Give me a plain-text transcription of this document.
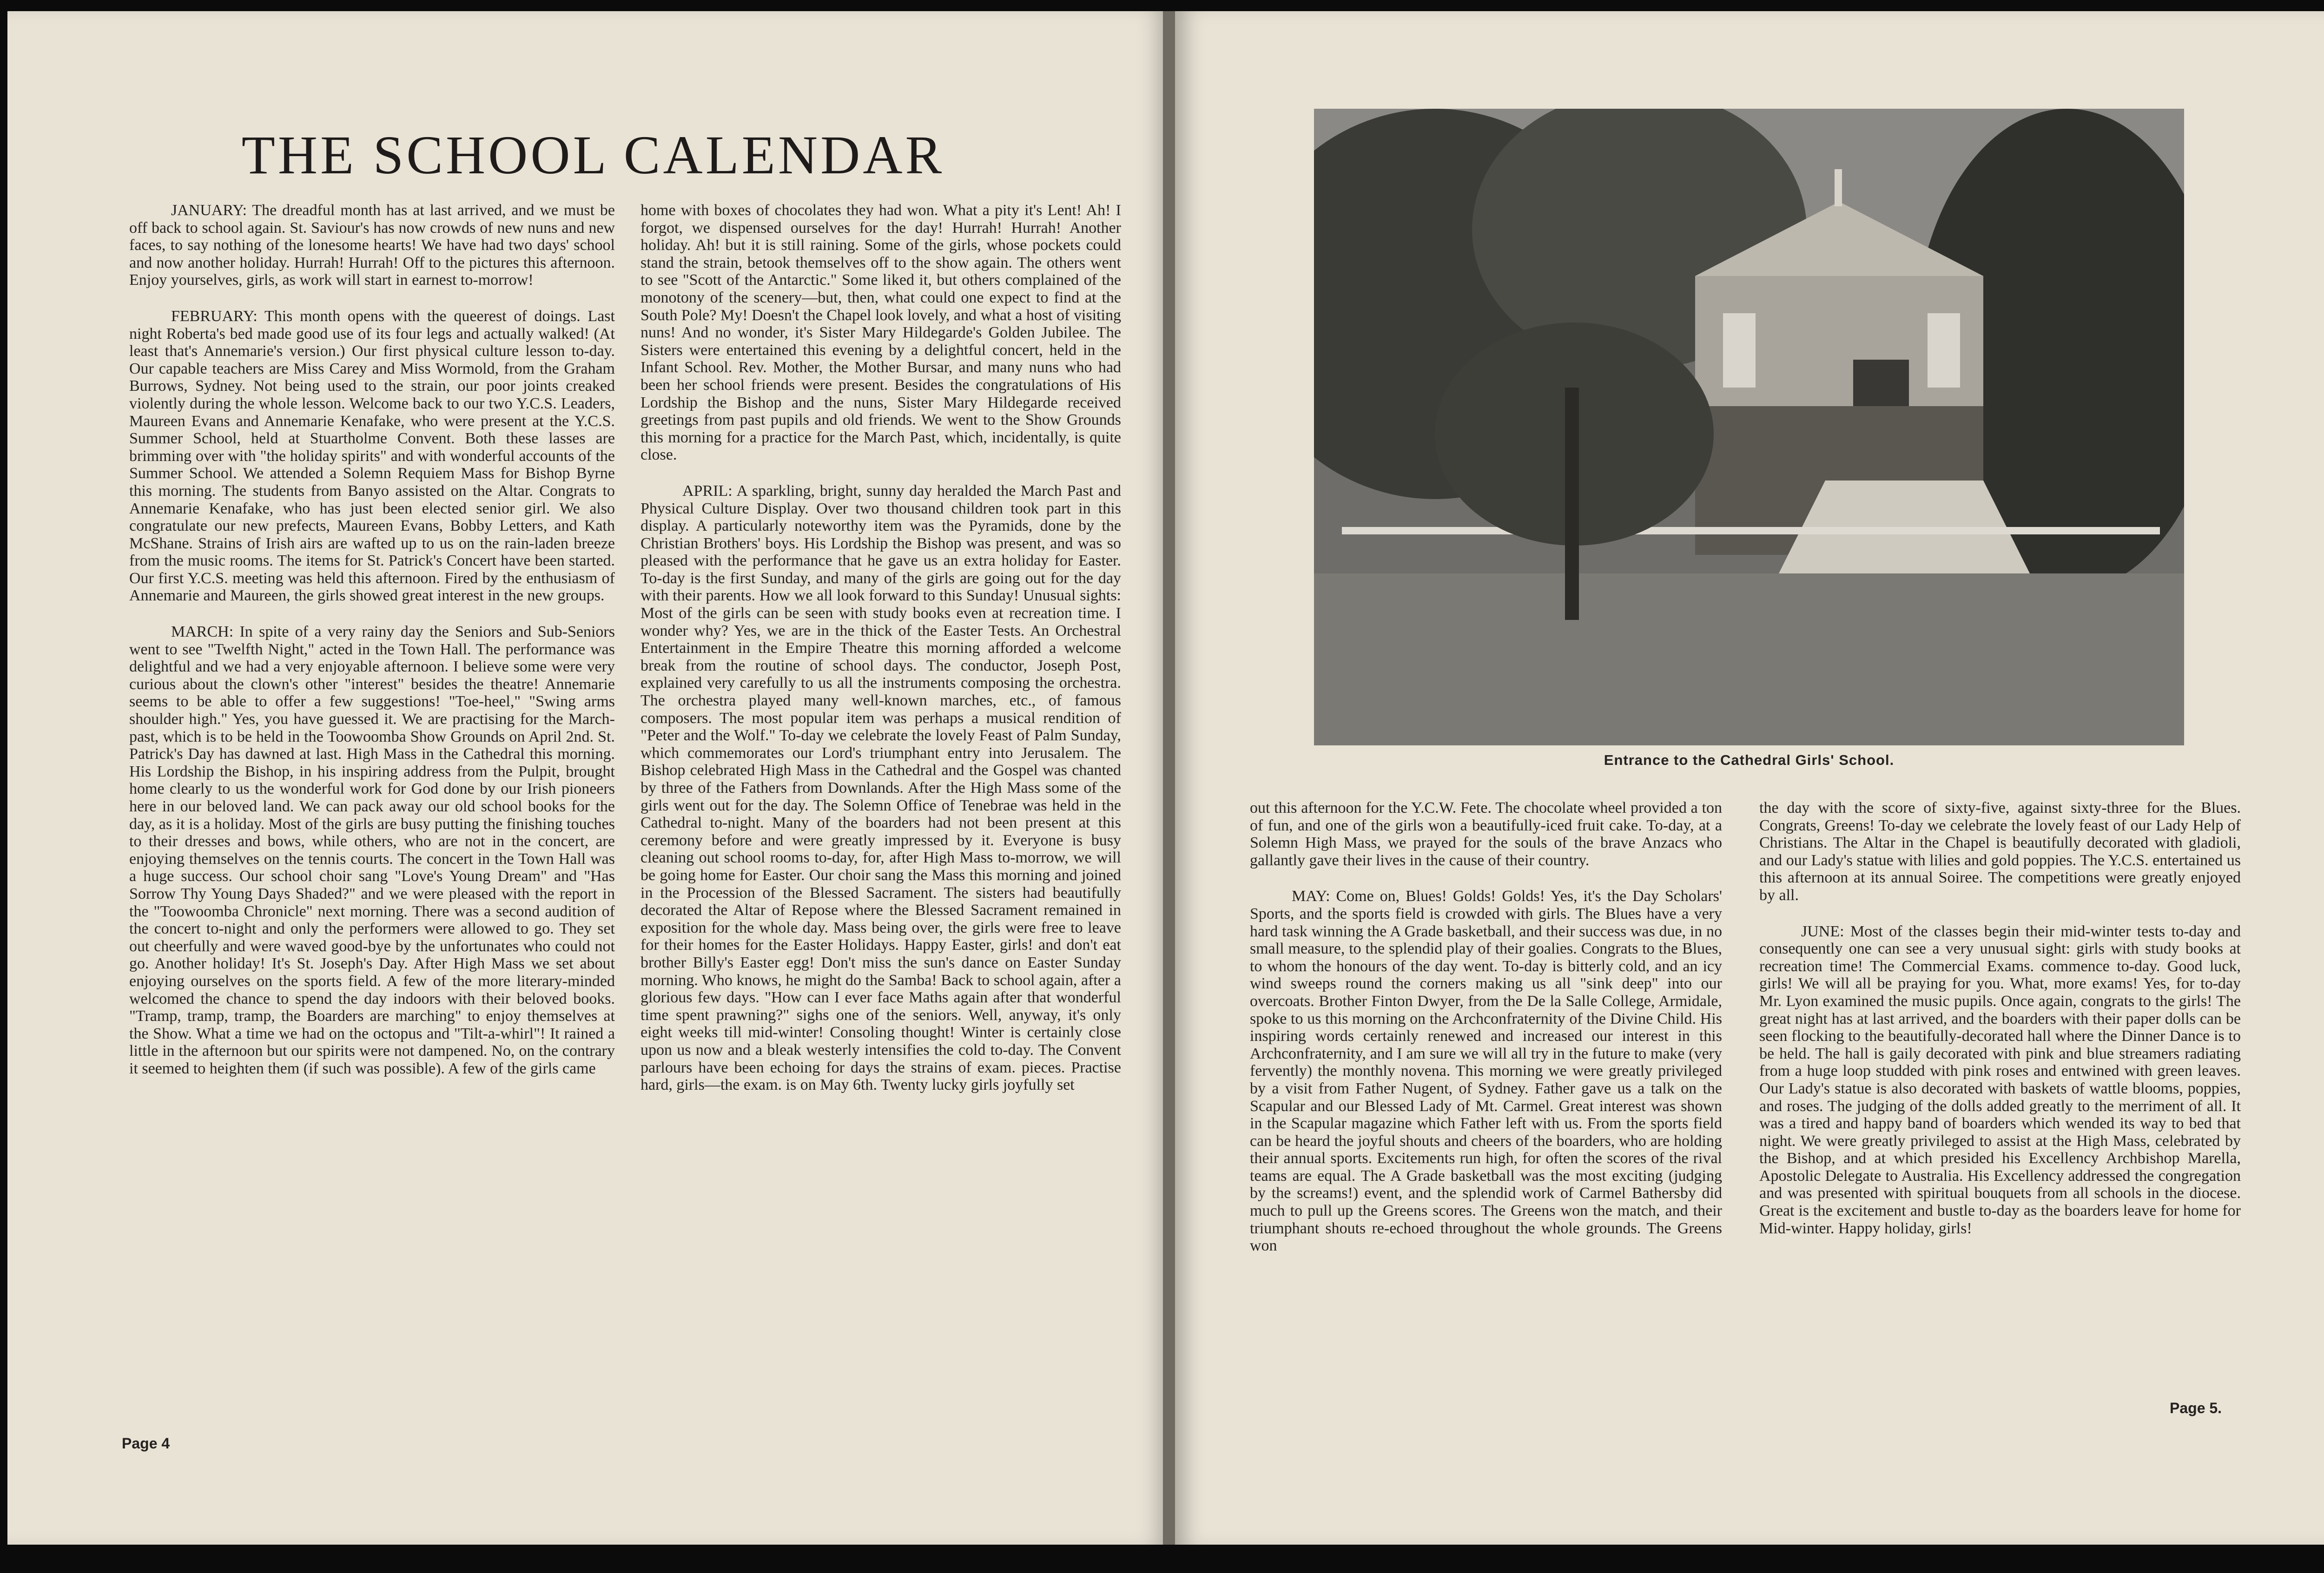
THE SCHOOL CALENDAR

JANUARY: The dreadful month has at last arrived, and we must be off back to school again. St. Saviour's has now crowds of new nuns and new faces, to say nothing of the lonesome hearts! We have had two days' school and now another holiday. Hurrah! Hurrah! Off to the pictures this afternoon. Enjoy yourselves, girls, as work will start in earnest to-morrow!

FEBRUARY: This month opens with the queerest of doings. Last night Roberta's bed made good use of its four legs and actually walked! (At least that's Annemarie's version.) Our first physical culture lesson to-day. Our capable teachers are Miss Carey and Miss Wormold, from the Graham Burrows, Sydney. Not being used to the strain, our poor joints creaked violently during the whole lesson. Welcome back to our two Y.C.S. Leaders, Maureen Evans and Annemarie Kenafake, who were present at the Y.C.S. Summer School, held at Stuartholme Convent. Both these lasses are brimming over with "the holiday spirits" and with wonderful accounts of the Summer School. We attended a Solemn Requiem Mass for Bishop Byrne this morning. The students from Banyo assisted on the Altar. Congrats to Annemarie Kenafake, who has just been elected senior girl. We also congratulate our new prefects, Maureen Evans, Bobby Letters, and Kath McShane. Strains of Irish airs are wafted up to us on the rain-laden breeze from the music rooms. The items for St. Patrick's Concert have been started. Our first Y.C.S. meeting was held this afternoon. Fired by the enthusiasm of Annemarie and Maureen, the girls showed great interest in the new groups.

MARCH: In spite of a very rainy day the Seniors and Sub-Seniors went to see "Twelfth Night," acted in the Town Hall. The performance was delightful and we had a very enjoyable afternoon. I believe some were very curious about the clown's other "interest" besides the theatre! Annemarie seems to be able to offer a few suggestions! "Toe-heel," "Swing arms shoulder high." Yes, you have guessed it. We are practising for the March-past, which is to be held in the Toowoomba Show Grounds on April 2nd. St. Patrick's Day has dawned at last. High Mass in the Cathedral this morning. His Lordship the Bishop, in his inspiring address from the Pulpit, brought home clearly to us the wonderful work for God done by our Irish pioneers here in our beloved land. We can pack away our old school books for the day, as it is a holiday. Most of the girls are busy putting the finishing touches to their dresses and bows, while others, who are not in the concert, are enjoying themselves on the tennis courts. The concert in the Town Hall was a huge success. Our school choir sang "Love's Young Dream" and "Has Sorrow Thy Young Days Shaded?" and we were pleased with the report in the "Toowoomba Chronicle" next morning. There was a second audition of the concert to-night and only the performers were allowed to go. They set out cheerfully and were waved good-bye by the unfortunates who could not go. Another holiday! It's St. Joseph's Day. After High Mass we set about enjoying ourselves on the sports field. A few of the more literary-minded welcomed the chance to spend the day indoors with their beloved books. "Tramp, tramp, tramp, the Boarders are marching" to enjoy themselves at the Show. What a time we had on the octopus and "Tilt-a-whirl"! It rained a little in the afternoon but our spirits were not dampened. No, on the contrary it seemed to heighten them (if such was possible). A few of the girls came

home with boxes of chocolates they had won. What a pity it's Lent! Ah! I forgot, we dispensed ourselves for the day! Hurrah! Hurrah! Another holiday. Ah! but it is still raining. Some of the girls, whose pockets could stand the strain, betook themselves off to the show again. The others went to see "Scott of the Antarctic." Some liked it, but others complained of the monotony of the scenery—but, then, what could one expect to find at the South Pole? My! Doesn't the Chapel look lovely, and what a host of visiting nuns! And no wonder, it's Sister Mary Hildegarde's Golden Jubilee. The Sisters were entertained this evening by a delightful concert, held in the Infant School. Rev. Mother, the Mother Bursar, and many nuns who had been her school friends were present. Besides the congratulations of His Lordship the Bishop and the nuns, Sister Mary Hildegarde received greetings from past pupils and old friends. We went to the Show Grounds this morning for a practice for the March Past, which, incidentally, is quite close.

APRIL: A sparkling, bright, sunny day heralded the March Past and Physical Culture Display. Over two thousand children took part in this display. A particularly noteworthy item was the Pyramids, done by the Christian Brothers' boys. His Lordship the Bishop was present, and was so pleased with the performance that he gave us an extra holiday for Easter. To-day is the first Sunday, and many of the girls are going out for the day with their parents. How we all look forward to this Sunday! Unusual sights: Most of the girls can be seen with study books even at recreation time. I wonder why? Yes, we are in the thick of the Easter Tests. An Orchestral Entertainment in the Empire Theatre this morning afforded a welcome break from the routine of school days. The conductor, Joseph Post, explained very carefully to us all the instruments composing the orchestra. The orchestra played many well-known marches, etc., of famous composers. The most popular item was perhaps a musical rendition of "Peter and the Wolf." To-day we celebrate the lovely Feast of Palm Sunday, which commemorates our Lord's triumphant entry into Jerusalem. The Bishop celebrated High Mass in the Cathedral and the Gospel was chanted by three of the Fathers from Downlands. After the High Mass some of the girls went out for the day. The Solemn Office of Tenebrae was held in the Cathedral to-night. Many of the boarders had not been present at this ceremony before and were greatly impressed by it. Everyone is busy cleaning out school rooms to-day, for, after High Mass to-morrow, we will be going home for Easter. Our choir sang the Mass this morning and joined in the Procession of the Blessed Sacrament. The sisters had beautifully decorated the Altar of Repose where the Blessed Sacrament remained in exposition for the whole day. Mass being over, the girls were free to leave for their homes for the Easter Holidays. Happy Easter, girls! and don't eat brother Billy's Easter egg! Don't miss the sun's dance on Easter Sunday morning. Who knows, he might do the Samba! Back to school again, after a glorious few days. "How can I ever face Maths again after that wonderful time spent prawning?" sighs one of the seniors. Well, anyway, it's only eight weeks till mid-winter! Consoling thought! Winter is certainly close upon us now and a bleak westerly intensifies the cold to-day. The Convent parlours have been echoing for days the strains of exam. pieces. Practise hard, girls—the exam. is on May 6th. Twenty lucky girls joyfully set

Entrance to the Cathedral Girls' School.

out this afternoon for the Y.C.W. Fete. The chocolate wheel provided a ton of fun, and one of the girls won a beautifully-iced fruit cake. To-day, at a Solemn High Mass, we prayed for the souls of the brave Anzacs who gallantly gave their lives in the cause of their country.

MAY: Come on, Blues! Golds! Golds! Yes, it's the Day Scholars' Sports, and the sports field is crowded with girls. The Blues have a very hard task winning the A Grade basketball, and their success was due, in no small measure, to the splendid play of their goalies. Congrats to the Blues, to whom the honours of the day went. To-day is bitterly cold, and an icy wind sweeps round the corners making us all "sink deep" into our overcoats. Brother Finton Dwyer, from the De la Salle College, Armidale, spoke to us this morning on the Archconfraternity of the Divine Child. His inspiring words certainly renewed and increased our interest in this Archconfraternity, and I am sure we will all try in the future to make (very fervently) the monthly novena. This morning we were greatly privileged by a visit from Father Nugent, of Sydney. Father gave us a talk on the Scapular and our Blessed Lady of Mt. Carmel. Great interest was shown in the Scapular magazine which Father left with us. From the sports field can be heard the joyful shouts and cheers of the boarders, who are holding their annual sports. Excitements run high, for often the scores of the rival teams are equal. The A Grade basketball was the most exciting (judging by the screams!) event, and the splendid work of Carmel Bathersby did much to pull up the Greens scores. The Greens won the match, and their triumphant shouts re-echoed throughout the whole grounds. The Greens won

the day with the score of sixty-five, against sixty-three for the Blues. Congrats, Greens! To-day we celebrate the lovely feast of our Lady Help of Christians. The Altar in the Chapel is beautifully decorated with gladioli, and our Lady's statue with lilies and gold poppies. The Y.C.S. entertained us this afternoon at its annual Soiree. The competitions were greatly enjoyed by all.

JUNE: Most of the classes begin their mid-winter tests to-day and consequently one can see a very unusual sight: girls with study books at recreation time! The Commercial Exams. commence to-day. Good luck, girls! We will all be praying for you. What, more exams! Yes, for to-day Mr. Lyon examined the music pupils. Once again, congrats to the girls! The great night has at last arrived, and the boarders with their paper dolls can be seen flocking to the beautifully-decorated hall where the Dinner Dance is to be held. The hall is gaily decorated with pink and blue streamers radiating from a huge loop studded with pink roses and entwined with green leaves. Our Lady's statue is also decorated with baskets of wattle blooms, poppies, and roses. The judging of the dolls added greatly to the merriment of all. It was a tired and happy band of boarders which wended its way to bed that night. We were greatly privileged to assist at the High Mass, celebrated by the Bishop, and at which presided his Excellency Archbishop Marella, Apostolic Delegate to Australia. His Excellency addressed the congregation and was presented with spiritual bouquets from all schools in the diocese. Great is the excitement and bustle to-day as the boarders leave for home for Mid-winter. Happy holiday, girls!

Page 4
Page 5.
